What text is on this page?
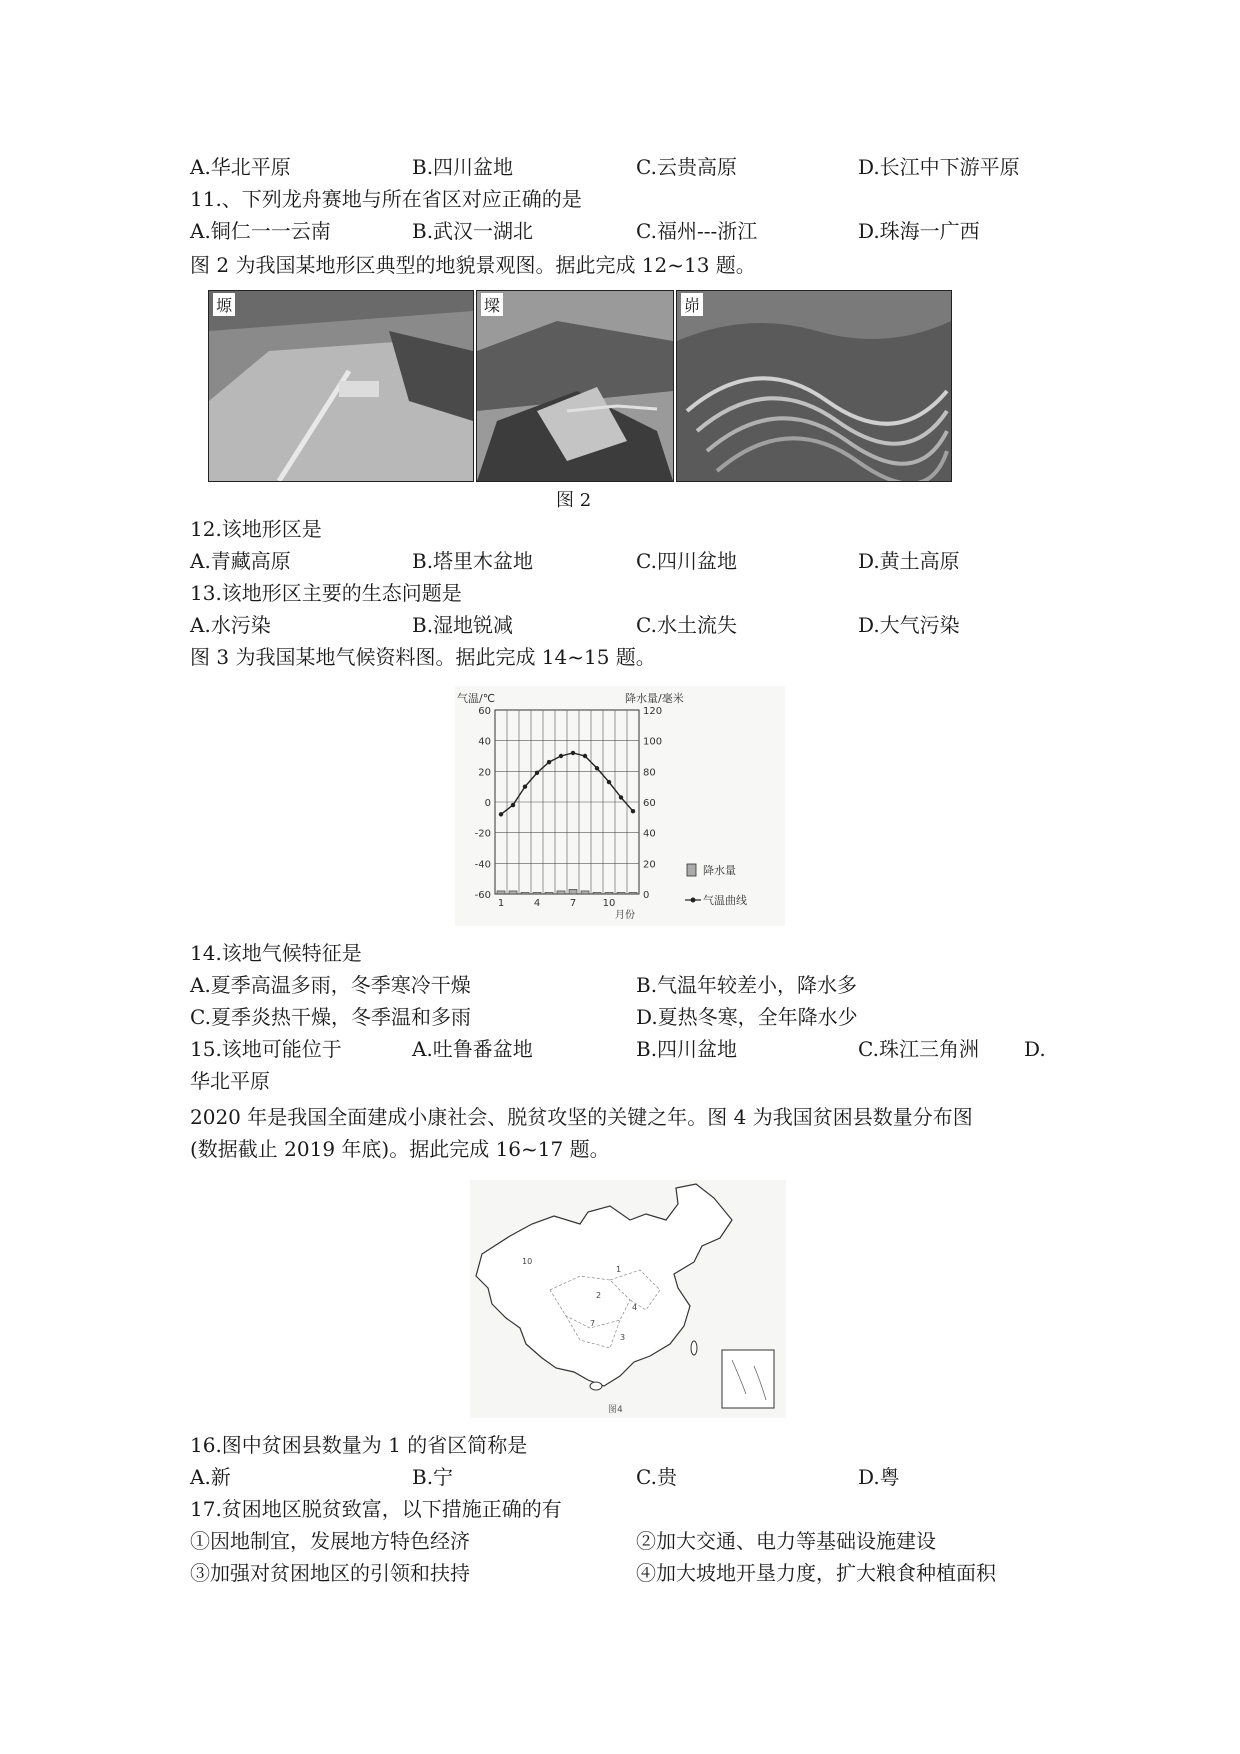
A.华北平原	B.四川盆地	C.云贵高原	D.长江中下游平原
11.、下列龙舟赛地与所在省区对应正确的是
A.铜仁一一云南	B.武汉一湖北	C.福州---浙江	D.珠海一广西
图 2 为我国某地形区典型的地貌景观图。据此完成 12~13 题。
塬	墚	峁
图 2
12.该地形区是
A.青藏高原	B.塔里木盆地	C.四川盆地	D.黄土高原
13.该地形区主要的生态问题是
A.水污染	B.湿地锐减	C.水土流失	D.大气污染
图 3 为我国某地气候资料图。据此完成 14~15 题。
气温/℃	降水量/毫米
60
40
20
0
-20
-40
-60
120
100
80
60
40
20
0
1	4	7	10
降水量
气温曲线
月份
14.该地气候特征是
A.夏季高温多雨，冬季寒冷干燥	B.气温年较差小，降水多
C.夏季炎热干燥，冬季温和多雨	D.夏热冬寒，全年降水少
15.该地可能位于	A.吐鲁番盆地	B.四川盆地	C.珠江三角洲 D.
华北平原
2020 年是我国全面建成小康社会、脱贫攻坚的关键之年。图 4 为我国贫困县数量分布图
(数据截止 2019 年底)。据此完成 16~17 题。
10
1
2
7
4
3
图4
16.图中贫困县数量为 1 的省区简称是
A.新	B.宁	C.贵	D.粤
17.贫困地区脱贫致富，以下措施正确的有
①因地制宜，发展地方特色经济	②加大交通、电力等基础设施建设
③加强对贫困地区的引领和扶持	④加大坡地开垦力度，扩大粮食种植面积
